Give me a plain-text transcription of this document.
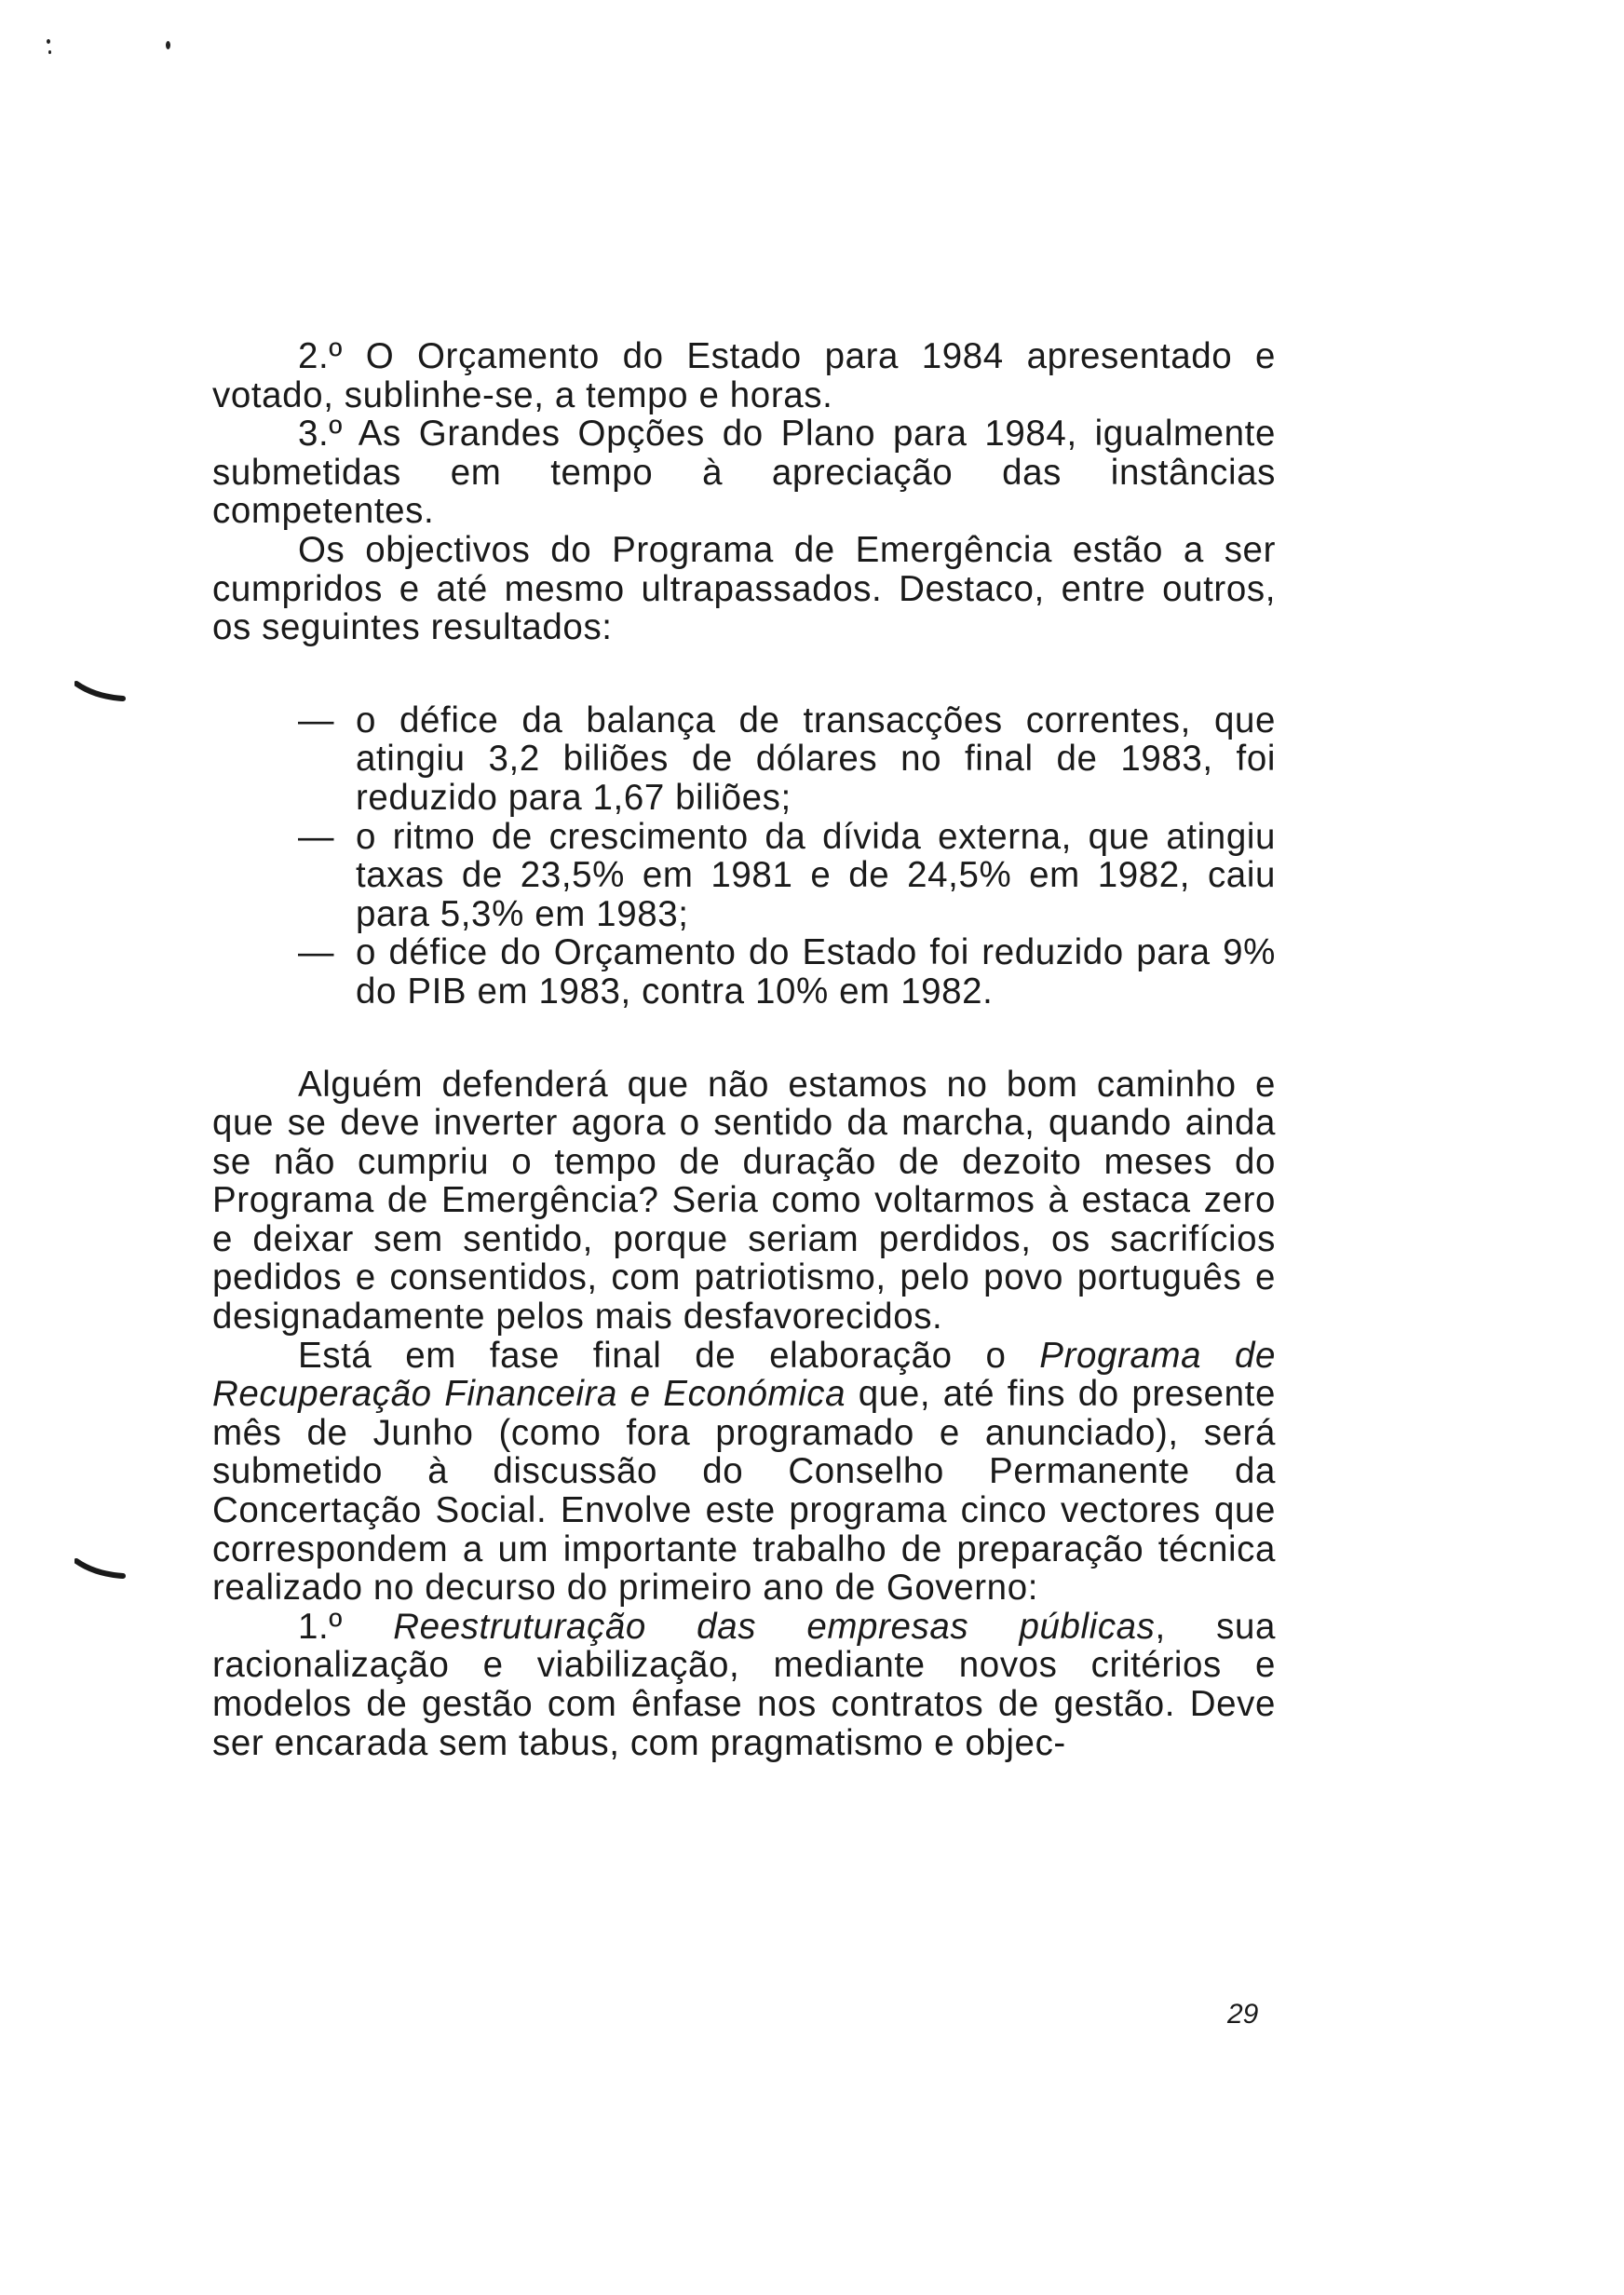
2.º O Orçamento do Estado para 1984 apresentado e votado, sublinhe-se, a tempo e horas.

3.º As Grandes Opções do Plano para 1984, igualmente submetidas em tempo à apreciação das instâncias competentes.

Os objectivos do Programa de Emergência estão a ser cumpridos e até mesmo ultrapassados. Destaco, entre outros, os seguintes resultados:

— o défice da balança de transacções correntes, que atingiu 3,2 biliões de dólares no final de 1983, foi reduzido para 1,67 biliões;
— o ritmo de crescimento da dívida externa, que atingiu taxas de 23,5% em 1981 e de 24,5% em 1982, caiu para 5,3% em 1983;
— o défice do Orçamento do Estado foi reduzido para 9% do PIB em 1983, contra 10% em 1982.

Alguém defenderá que não estamos no bom caminho e que se deve inverter agora o sentido da marcha, quando ainda se não cumpriu o tempo de duração de dezoito meses do Programa de Emergência? Seria como voltarmos à estaca zero e deixar sem sentido, porque seriam perdidos, os sacrifícios pedidos e consentidos, com patriotismo, pelo povo português e designadamente pelos mais desfavorecidos.

Está em fase final de elaboração o Programa de Recuperação Financeira e Económica que, até fins do presente mês de Junho (como fora programado e anunciado), será submetido à discussão do Conselho Permanente da Concertação Social. Envolve este programa cinco vectores que correspondem a um importante trabalho de preparação técnica realizado no decurso do primeiro ano de Governo:

1.º Reestruturação das empresas públicas, sua racionalização e viabilização, mediante novos critérios e modelos de gestão com ênfase nos contratos de gestão. Deve ser encarada sem tabus, com pragmatismo e objec-

29
